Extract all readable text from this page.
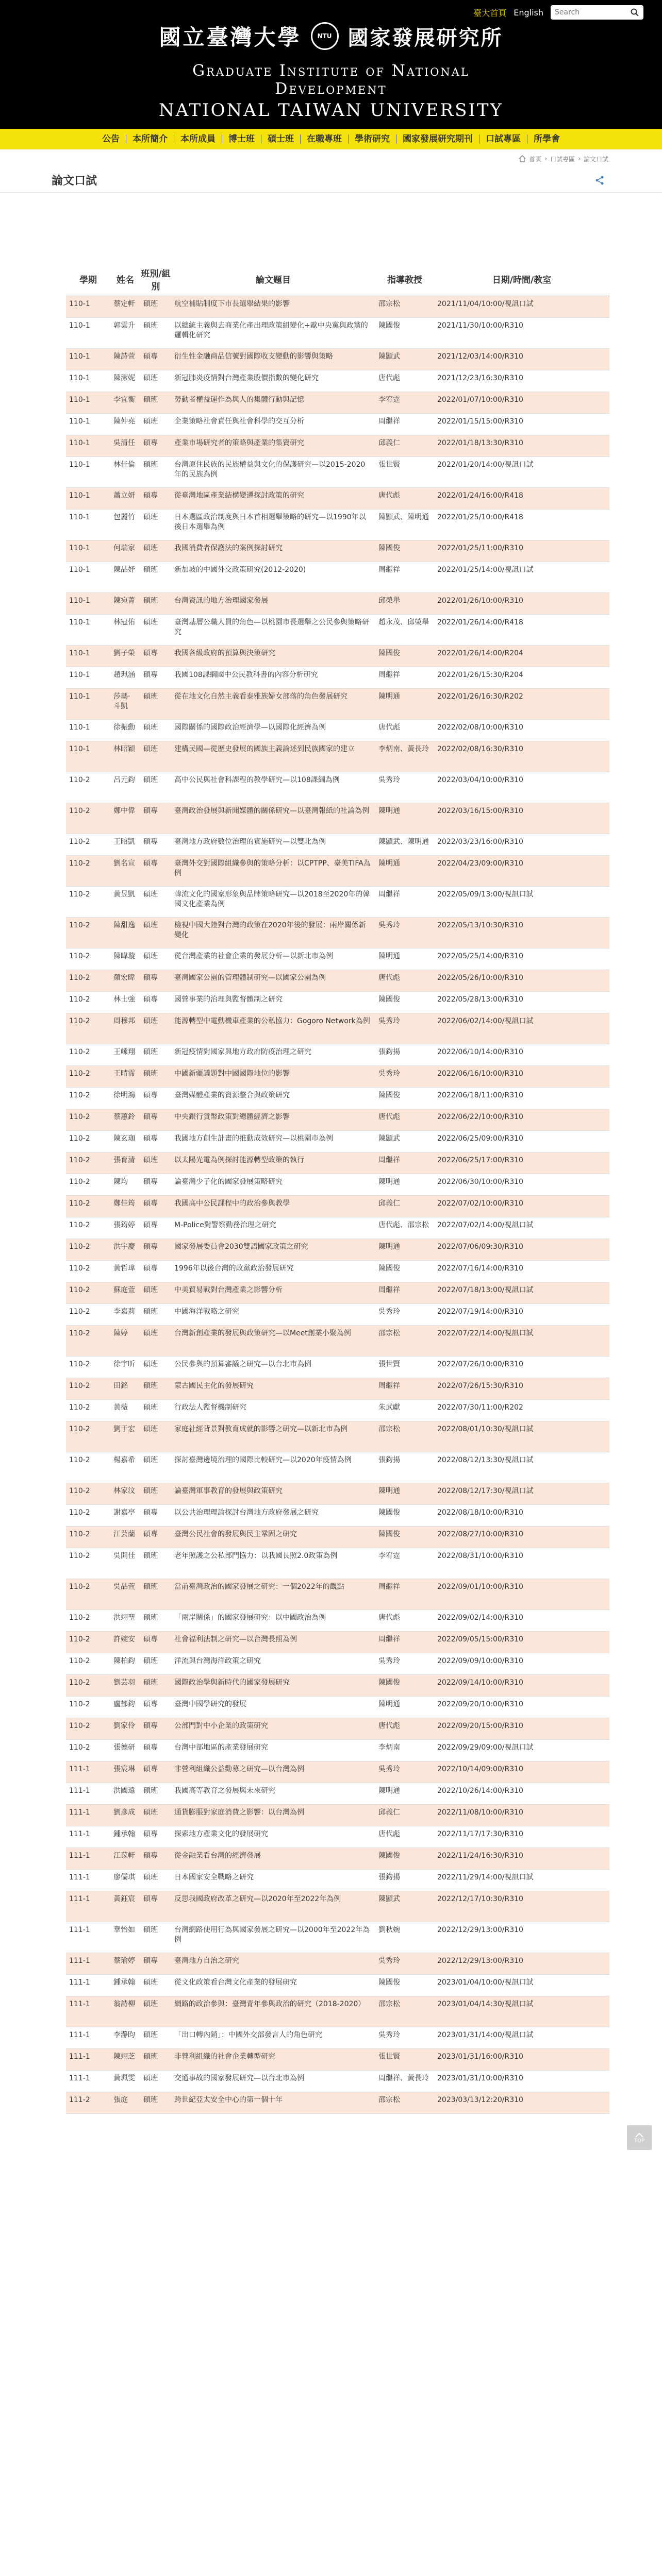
臺大首頁 English
Search
國立臺灣大學	NTU 國家發展研究所
Graduate Institute of National Development
NATIONAL TAIWAN UNIVERSITY
公告	本所簡介	本所成員	博士班	碩士班	在職專班	學術研究	國家發展研究期刊	口試專區	所學會
首頁 › 口試專區 › 論文口試
論文口試
學期	姓名	班別/組別	論文題目	指導教授	日期/時間/教室
110-1	蔡定軒	碩班	航空補貼制度下市長選舉結果的影響	邵宗松	2021/11/04/10:00/視訊口試
110-1	郭雲升	碩班	以總統主義與去商業化產出理政策組變化+歐中央黨與政黨的邏輯化研究	陳國俊	2021/11/30/10:00/R310
110-1	陳詩萱	碩專	衍生性金融商品信號對國際收支變動的影響與策略	陳顯武	2021/12/03/14:00/R310
110-1	陳潔妮	碩班	新冠肺炎疫情對台灣產業股價指數的變化研究	唐代彪	2021/12/23/16:30/R310
110-1	李宜衡	碩班	勞動者權益運作為與人的集體行動與記憶	李宥霆	2022/01/07/10:00/R310
110-1	陳仲堯	碩班	企業策略社會責任與社會科學的交互分析	周繼祥	2022/01/15/15:00/R310
110-1	吳清任	碩專	產業市場研究者的策略與產業的集資研究	邱義仁	2022/01/18/13:30/R310
110-1	林佳倫	碩班	台灣原住民族的民族權益與文化的保護研究—以2015-2020年的民族為例	張世賢	2022/01/20/14:00/視訊口試
110-1	蕭立妍	碩專	從臺灣地區產業結構變遷探討政策的研究	唐代彪	2022/01/24/16:00/R418
110-1	包麗竹	碩班	日本選區政治制度與日本首相選舉策略的研究—以1990年以後日本選舉為例	陳顯武、陳明通	2022/01/25/10:00/R418
110-1	何瑞家	碩班	我國消費者保護法的案例探討研究	陳國俊	2022/01/25/11:00/R310
110-1	陳品妤	碩班	新加坡的中國外交政策研究(2012-2020)	周繼祥	2022/01/25/14:00/視訊口試
110-1	陳宛菁	碩班	台灣資訊的地方治理國家發展	邱榮舉	2022/01/26/10:00/R310
110-1	林冠佑	碩班	臺灣基層公職人員的角色—以桃園市長選舉之公民參與策略研究	趙永茂、邱榮舉	2022/01/26/14:00/R418
110-1	劉子榮	碩專	我國各級政府的預算與決策研究	陳國俊	2022/01/26/14:00/R204
110-1	趙珮涵	碩專	我國108課綱國中公民教科書的內容分析研究	周繼祥	2022/01/26/15:30/R204
110-1	莎瑪·斗凱	碩班	從在地文化自然主義看泰雅族婦女部落的角色發展研究	陳明通	2022/01/26/16:30/R202
110-1	徐振勳	碩班	國際關係的國際政治經濟學—以國際化經濟為例	唐代彪	2022/02/08/10:00/R310
110-1	林昭穎	碩班	建構民國—從歷史發展的國族主義論述到民族國家的建立	李炳南、黃長玲	2022/02/08/16:30/R310
110-2	呂元鈞	碩班	高中公民與社會科課程的教學研究—以108課綱為例	吳秀玲	2022/03/04/10:00/R310
110-2	鄭中偉	碩專	臺灣政治發展與新聞媒體的關係研究—以臺灣報紙的社論為例	陳明通	2022/03/16/15:00/R310
110-2	王昭凱	碩專	臺灣地方政府數位治理的實施研究—以雙北為例	陳顯武、陳明通	2022/03/23/16:00/R310
110-2	劉名宣	碩專	臺灣外交對國際組織參與的策略分析：以CPTPP、臺美TIFA為例	陳明通	2022/04/23/09:00/R310
110-2	黃昱凱	碩班	韓流文化的國家形象與品牌策略研究—以2018至2020年的韓國文化產業為例	周繼祥	2022/05/09/13:00/視訊口試
110-2	陳甜逸	碩班	檢視中國大陸對台灣的政策在2020年後的發展：兩岸關係新變化	吳秀玲	2022/05/13/10:30/R310
110-2	陳暐璇	碩班	從台灣產業的社會企業的發展分析—以新北市為例	陳明通	2022/05/25/14:00/R310
110-2	顏宏暐	碩專	臺灣國家公園的管理體制研究—以國家公園為例	唐代彪	2022/05/26/10:00/R310
110-2	林士強	碩專	國營事業的治理與監督體制之研究	陳國俊	2022/05/28/13:00/R310
110-2	周穆邦	碩班	能源轉型中電動機車產業的公私協力：Gogoro Network為例	吳秀玲	2022/06/02/14:00/視訊口試
110-2	王嵊翔	碩班	新冠疫情對國家與地方政府防疫治理之研究	張鈞揚	2022/06/10/14:00/R310
110-2	王晴霈	碩班	中國新疆議題對中國國際地位的影響	吳秀玲	2022/06/16/10:00/R310
110-2	徐明鴻	碩專	臺灣媒體產業的資源整合與政策研究	陳國俊	2022/06/18/11:00/R310
110-2	蔡蕙鈴	碩專	中央銀行貨幣政策對總體經濟之影響	唐代彪	2022/06/22/10:00/R310
110-2	陳玄珈	碩專	我國地方創生計畫的推動成效研究—以桃園市為例	陳顯武	2022/06/25/09:00/R310
110-2	張育清	碩班	以太陽光電為例探討能源轉型政策的執行	周繼祥	2022/06/25/17:00/R310
110-2	陳均	碩專	論臺灣少子化的國家發展策略研究	陳明通	2022/06/30/10:00/R310
110-2	鄭佳筠	碩專	我國高中公民課程中的政治參與教學	邱義仁	2022/07/02/10:00/R310
110-2	張筠婷	碩專	M-Police對警察勤務治理之研究	唐代彪、邵宗松	2022/07/02/14:00/視訊口試
110-2	洪宇慶	碩專	國家發展委員會2030雙語國家政策之研究	陳明通	2022/07/06/09:30/R310
110-2	黃哲瑋	碩專	1996年以後台灣的政黨政治發展研究	陳國俊	2022/07/16/14:00/R310
110-2	蘇庭萱	碩班	中美貿易戰對台灣產業之影響分析	周繼祥	2022/07/18/13:00/視訊口試
110-2	李嘉莉	碩班	中國海洋戰略之研究	吳秀玲	2022/07/19/14:00/R310
110-2	陳婷	碩班	台灣新創產業的發展與政策研究—以Meet創業小聚為例	邵宗松	2022/07/22/14:00/視訊口試
110-2	徐宇昕	碩班	公民參與的預算審議之研究—以台北市為例	張世賢	2022/07/26/10:00/R310
110-2	田銘	碩班	蒙古國民主化的發展研究	周繼祥	2022/07/26/15:30/R310
110-2	黃薇	碩班	行政法人監督機制研究	朱武獻	2022/07/30/11:00/R202
110-2	劉于宏	碩班	家庭社經背景對教育成就的影響之研究—以新北市為例	邵宗松	2022/08/01/10:30/視訊口試
110-2	楊嘉希	碩班	探討臺灣邊境治理的國際比較研究—以2020年疫情為例	張鈞揚	2022/08/12/13:30/視訊口試
110-2	林家汶	碩班	論臺灣軍事教育的發展與政策研究	陳明通	2022/08/12/17:30/視訊口試
110-2	謝嘉亭	碩專	以公共治理理論探討台灣地方政府發展之研究	陳國俊	2022/08/18/10:00/R310
110-2	江芸蘭	碩專	臺灣公民社會的發展與民主鞏固之研究	陳國俊	2022/08/27/10:00/R310
110-2	吳開佳	碩班	老年照護之公私部門協力：以我國長照2.0政策為例	李宥霆	2022/08/31/10:00/R310
110-2	吳品萱	碩班	當前臺灣政治的國家發展之研究：一個2022年的觀點	周繼祥	2022/09/01/10:00/R310
110-2	洪翊聖	碩班	「兩岸關係」的國家發展研究：以中國政治為例	唐代彪	2022/09/02/14:00/R310
110-2	許婉安	碩專	社會福利法制之研究—以台灣長照為例	周繼祥	2022/09/05/15:00/R310
110-2	陳柏鈞	碩班	洋流與台灣海洋政策之研究	吳秀玲	2022/09/09/10:00/R310
110-2	劉芸羽	碩班	國際政治學與新時代的國家發展研究	陳國俊	2022/09/14/10:00/R310
110-2	盧郁鈞	碩專	臺灣中國學研究的發展	陳明通	2022/09/20/10:00/R310
110-2	劉家伶	碩專	公部門對中小企業的政策研究	唐代彪	2022/09/20/15:00/R310
110-2	張德研	碩專	台灣中部地區的產業發展研究	李炳南	2022/09/29/09:00/視訊口試
111-1	張宸琳	碩專	非營利組織公益勸募之研究—以台灣為例	吳秀玲	2022/10/14/09:00/R310
111-1	洪國遠	碩班	我國高等教育之發展與未來研究	陳明通	2022/10/26/14:00/R310
111-1	劉彥成	碩班	通貨膨脹對家庭消費之影響：以台灣為例	邱義仁	2022/11/08/10:00/R310
111-1	鍾承翰	碩專	探索地方產業文化的發展研究	唐代彪	2022/11/17/17:30/R310
111-1	江苡軒	碩專	從金融業看台灣的經濟發展	陳國俊	2022/11/24/16:30/R310
111-1	廖儒琪	碩班	日本國家安全戰略之研究	張鈞揚	2022/11/29/14:00/視訊口試
111-1	黃鈺宸	碩專	反思我國政府改革之研究—以2020年至2022年為例	陳顯武	2022/12/17/10:30/R310
111-1	華怡如	碩班	台灣網路使用行為與國家發展之研究—以2000年至2022年為例	劉秋婉	2022/12/29/13:00/R310
111-1	蔡瑜婷	碩專	臺灣地方自治之研究	吳秀玲	2022/12/29/13:00/R310
111-1	鍾承翰	碩班	從文化政策看台灣文化產業的發展研究	陳國俊	2023/01/04/10:00/視訊口試
111-1	翁詩柳	碩班	網路的政治參與：臺灣青年參與政治的研究（2018-2020）	邵宗松	2023/01/04/14:30/視訊口試
111-1	李瀞昀	碩班	「出口轉內銷」：中國外交部發言人的角色研究	吳秀玲	2023/01/31/14:00/視訊口試
111-1	陳翊芝	碩班	非營利組織的社會企業轉型研究	張世賢	2023/01/31/16:00/R310
111-1	黃珮雯	碩班	交通事故的國家發展研究—以台北市為例	周繼祥、黃長玲	2023/01/31/10:00/R310
111-2	張庭	碩班	跨世紀亞太安全中心的第一個十年	邵宗松	2023/03/13/12:20/R310
TOP
